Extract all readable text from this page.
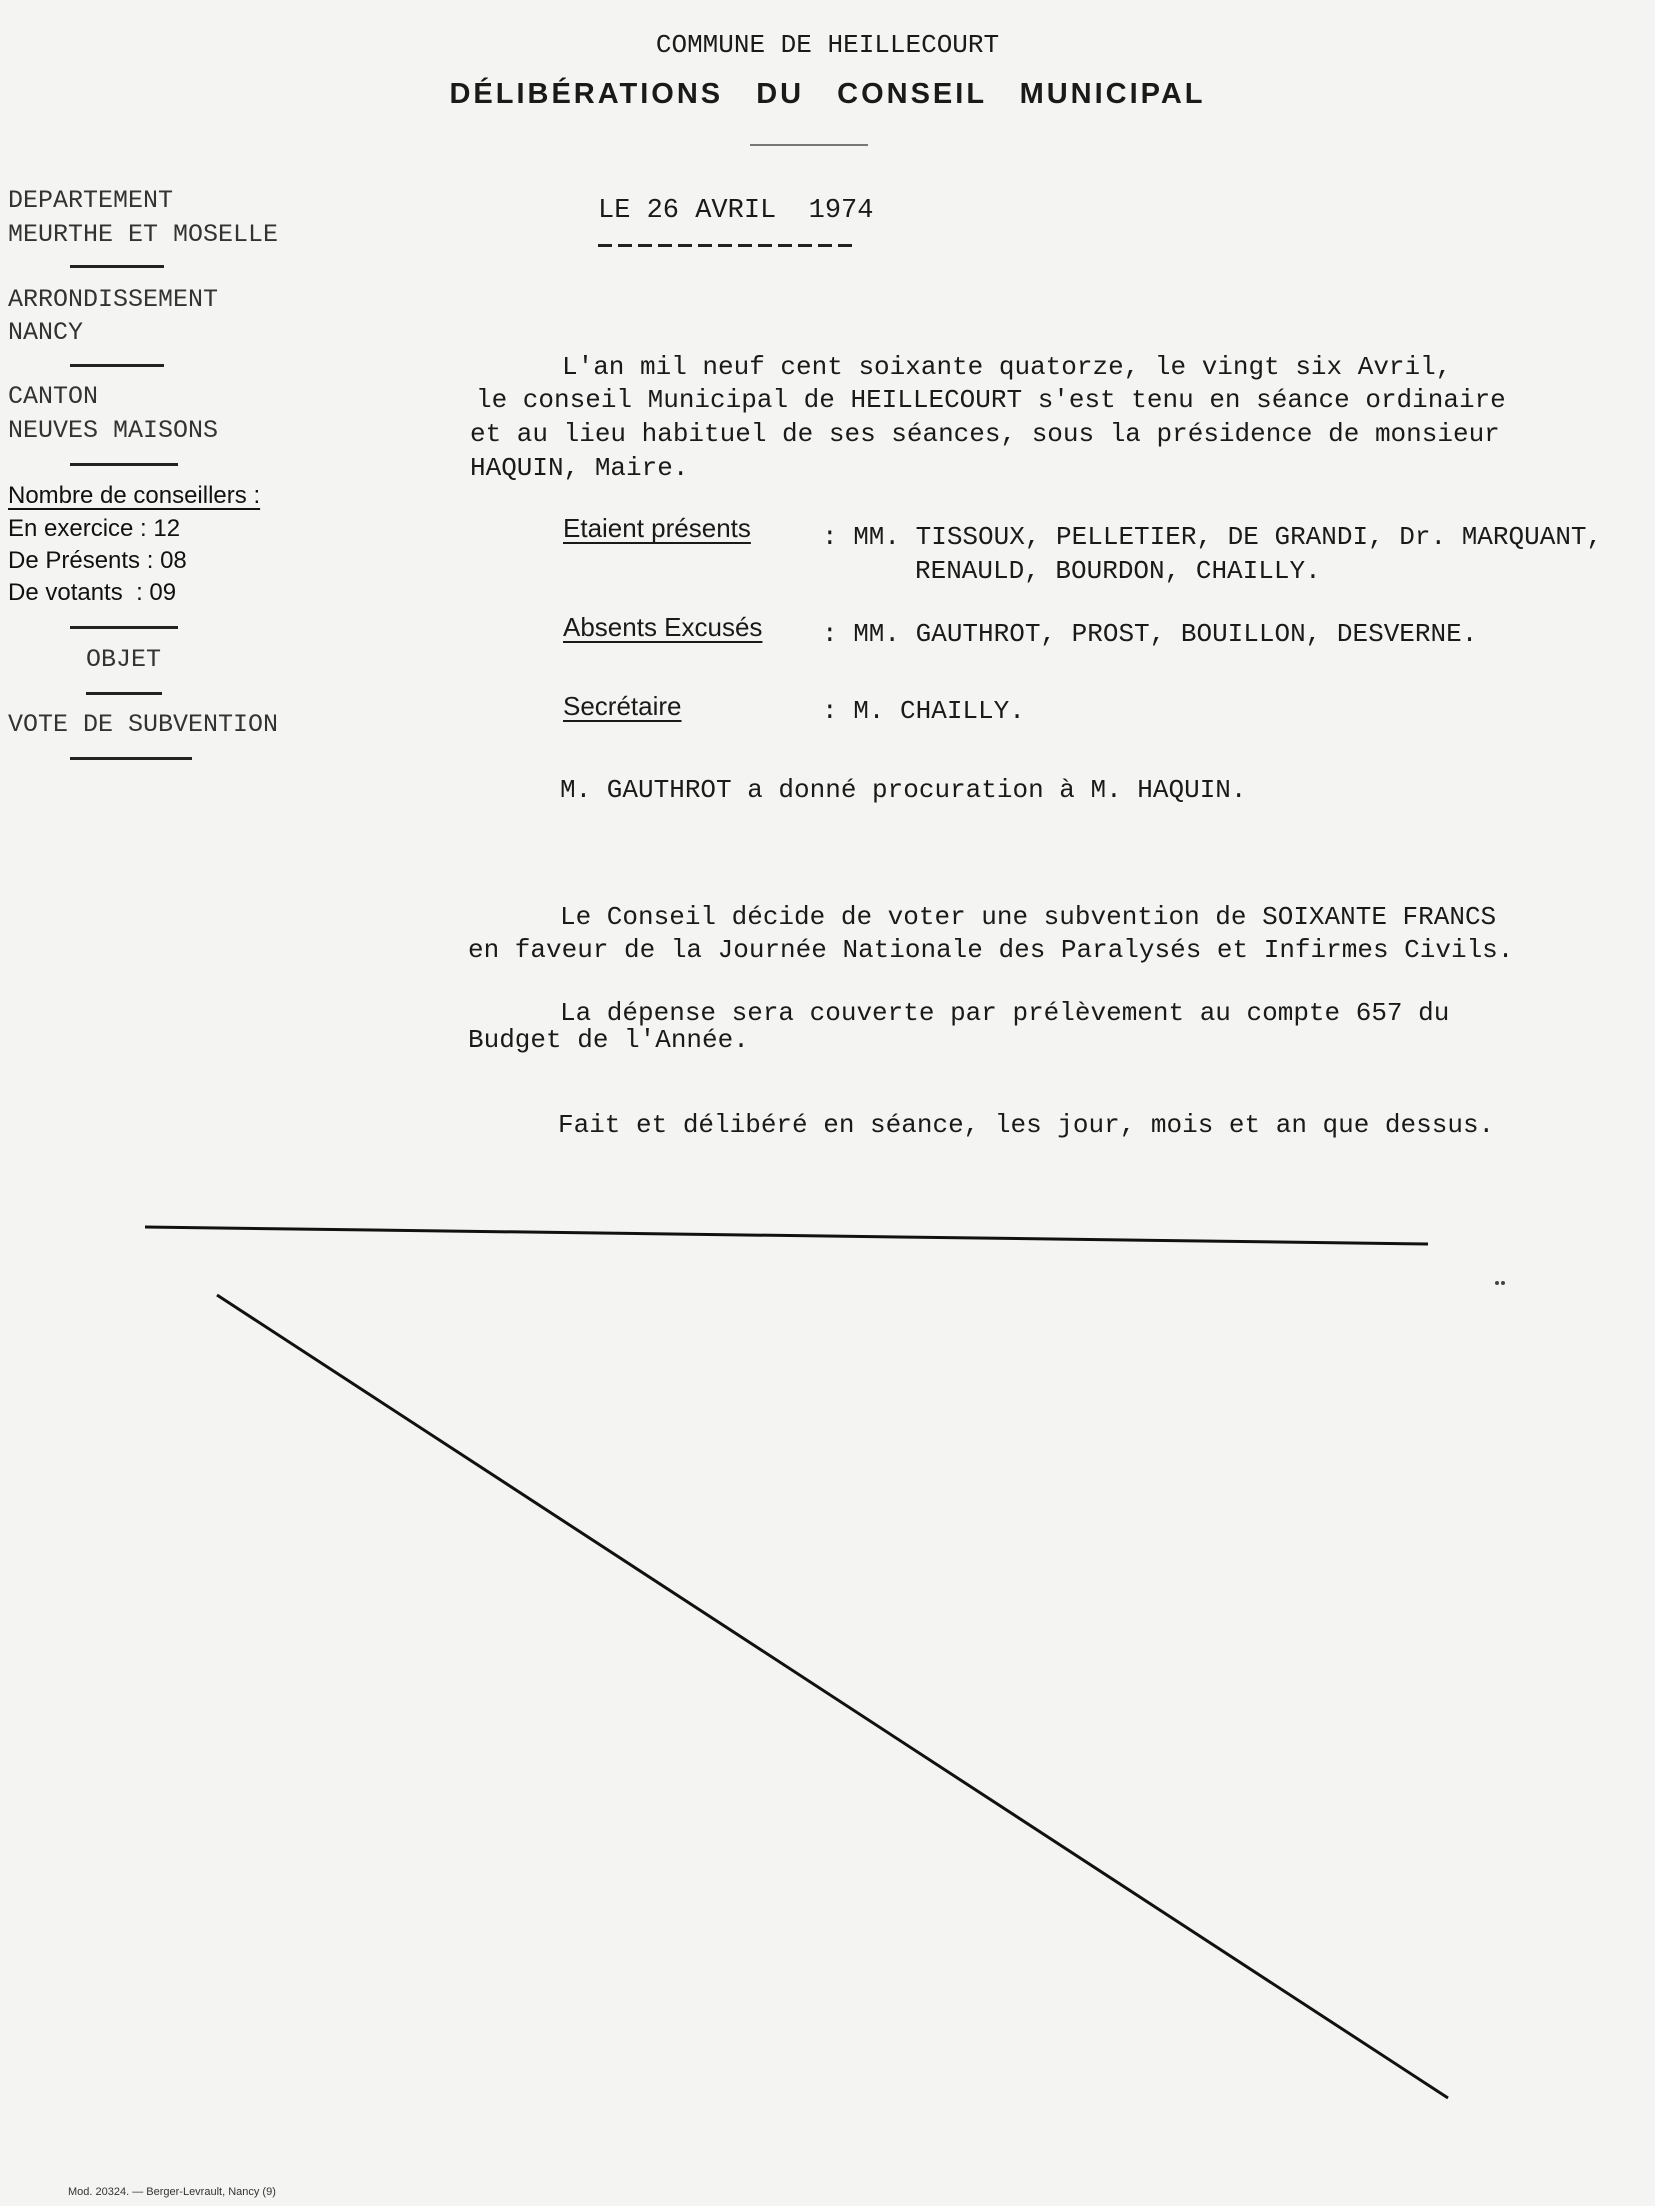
COMMUNE DE HEILLECOURT
DÉLIBÉRATIONS DU CONSEIL MUNICIPAL
DEPARTEMENT
MEURTHE ET MOSELLE
ARRONDISSEMENT
NANCY
CANTON
NEUVES MAISONS
Nombre de conseillers :
En exercice : 12
De Présents : 08
De votants  : 09
OBJET
VOTE DE SUBVENTION
LE 26 AVRIL  1974
L'an mil neuf cent soixante quatorze, le vingt six Avril,
le conseil Municipal de HEILLECOURT s'est tenu en séance ordinaire
et au lieu habituel de ses séances, sous la présidence de monsieur
HAQUIN, Maire.
Etaient présents	: MM. TISSOUX, PELLETIER, DE GRANDI, Dr. MARQUANT,
RENAULD, BOURDON, CHAILLY.
Absents Excusés : MM. GAUTHROT, PROST, BOUILLON, DESVERNE.
Secrétaire	: M. CHAILLY.
M. GAUTHROT a donné procuration à M. HAQUIN.
Le Conseil décide de voter une subvention de SOIXANTE FRANCS
en faveur de la Journée Nationale des Paralysés et Infirmes Civils.
La dépense sera couverte par prélèvement au compte 657 du
Budget de l'Année.
Fait et délibéré en séance, les jour, mois et an que dessus.
Mod. 20324. — Berger-Levrault, Nancy (9)
